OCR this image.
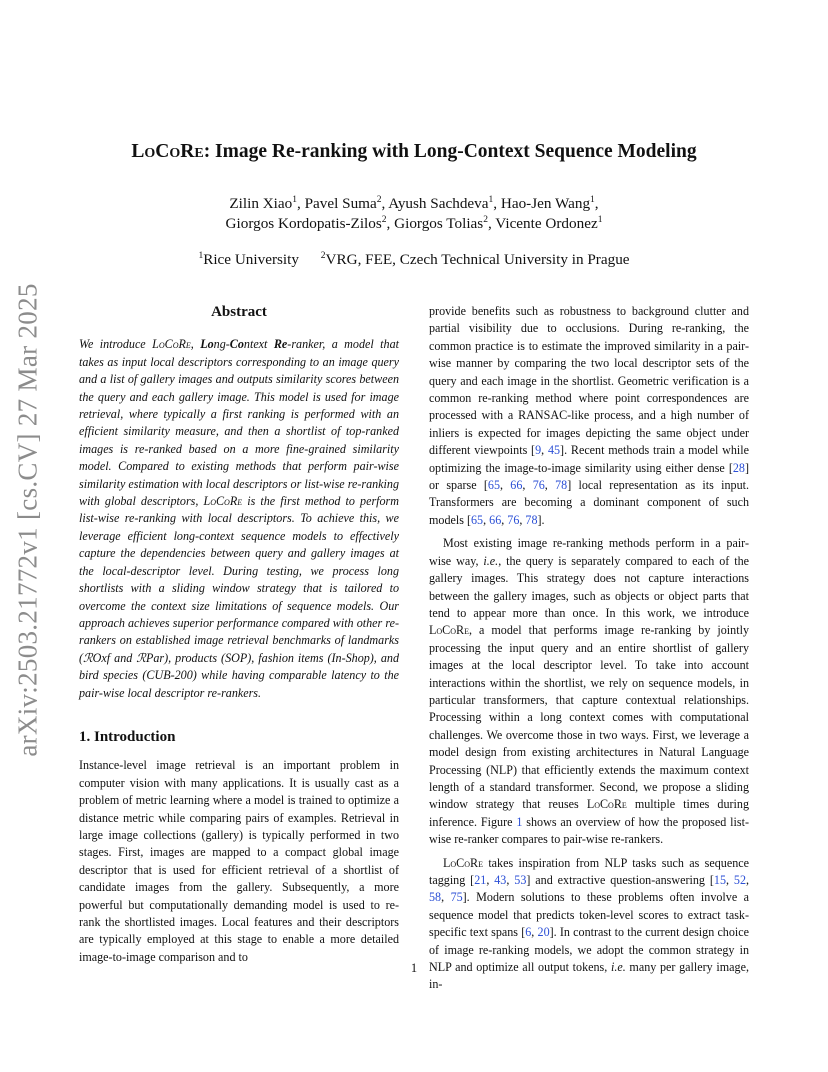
arXiv:2503.21772v1 [cs.CV] 27 Mar 2025
LoCoRe: Image Re-ranking with Long-Context Sequence Modeling
Zilin Xiao$^1$, Pavel Suma$^2$, Ayush Sachdeva$^1$, Hao-Jen Wang$^1$,
Giorgos Kordopatis-Zilos$^2$, Giorgos Tolias$^2$, Vicente Ordonez$^1$
$^1$Rice University $^2$VRG, FEE, Czech Technical University in Prague
Abstract

We introduce LoCoRe, Long-Context Re-ranker, a model that takes as input local descriptors corresponding to an image query and a list of gallery images and outputs similarity scores between the query and each gallery image. This model is used for image retrieval, where typically a first ranking is performed with an efficient similarity measure, and then a shortlist of top-ranked images is re-ranked based on a more fine-grained similarity model. Compared to existing methods that perform pair-wise similarity estimation with local descriptors or list-wise re-ranking with global descriptors, LoCoRe is the first method to perform list-wise re-ranking with local descriptors. To achieve this, we leverage efficient long-context sequence models to effectively capture the dependencies between query and gallery images at the local-descriptor level. During testing, we process long shortlists with a sliding window strategy that is tailored to overcome the context size limitations of sequence models. Our approach achieves superior performance compared with other re-rankers on established image retrieval benchmarks of landmarks (ℛOxf and ℛPar), products (SOP), fashion items (In-Shop), and bird species (CUB-200) while having comparable latency to the pair-wise local descriptor re-rankers.

1. Introduction

Instance-level image retrieval is an important problem in computer vision with many applications. It is usually cast as a problem of metric learning where a model is trained to optimize a distance metric while comparing pairs of examples. Retrieval in large image collections (gallery) is typically performed in two stages. First, images are mapped to a compact global image descriptor that is used for efficient retrieval of a shortlist of candidate images from the gallery. Subsequently, a more powerful but computationally demanding model is used to re-rank the shortlisted images. Local features and their descriptors are typically employed at this stage to enable a more detailed image-to-image comparison and to

provide benefits such as robustness to background clutter and partial visibility due to occlusions. During re-ranking, the common practice is to estimate the improved similarity in a pair-wise manner by comparing the two local descriptor sets of the query and each image in the shortlist. Geometric verification is a common re-ranking method where point correspondences are processed with a RANSAC-like process, and a high number of inliers is expected for images depicting the same object under different viewpoints [9, 45]. Recent methods train a model while optimizing the image-to-image similarity using either dense [28] or sparse [65, 66, 76, 78] local representation as its input. Transformers are becoming a dominant component of such models [65, 66, 76, 78].

Most existing image re-ranking methods perform in a pair-wise way, i.e., the query is separately compared to each of the gallery images. This strategy does not capture interactions between the gallery images, such as objects or object parts that tend to appear more than once. In this work, we introduce LoCoRe, a model that performs image re-ranking by jointly processing the input query and an entire shortlist of gallery images at the local descriptor level. To take into account interactions within the shortlist, we rely on sequence models, in particular transformers, that capture contextual relationships. Processing within a long context comes with computational challenges. We overcome those in two ways. First, we leverage a model design from existing architectures in Natural Language Processing (NLP) that efficiently extends the maximum context length of a standard transformer. Second, we propose a sliding window strategy that reuses LoCoRe multiple times during inference. Figure 1 shows an overview of how the proposed list-wise re-ranker compares to pair-wise re-rankers.

LoCoRe takes inspiration from NLP tasks such as sequence tagging [21, 43, 53] and extractive question-answering [15, 52, 58, 75]. Modern solutions to these problems often involve a sequence model that predicts token-level scores to extract task-specific text spans [6, 20]. In contrast to the current design choice of image re-ranking models, we adopt the common strategy in NLP and optimize all output tokens, i.e. many per gallery image, in-

1
